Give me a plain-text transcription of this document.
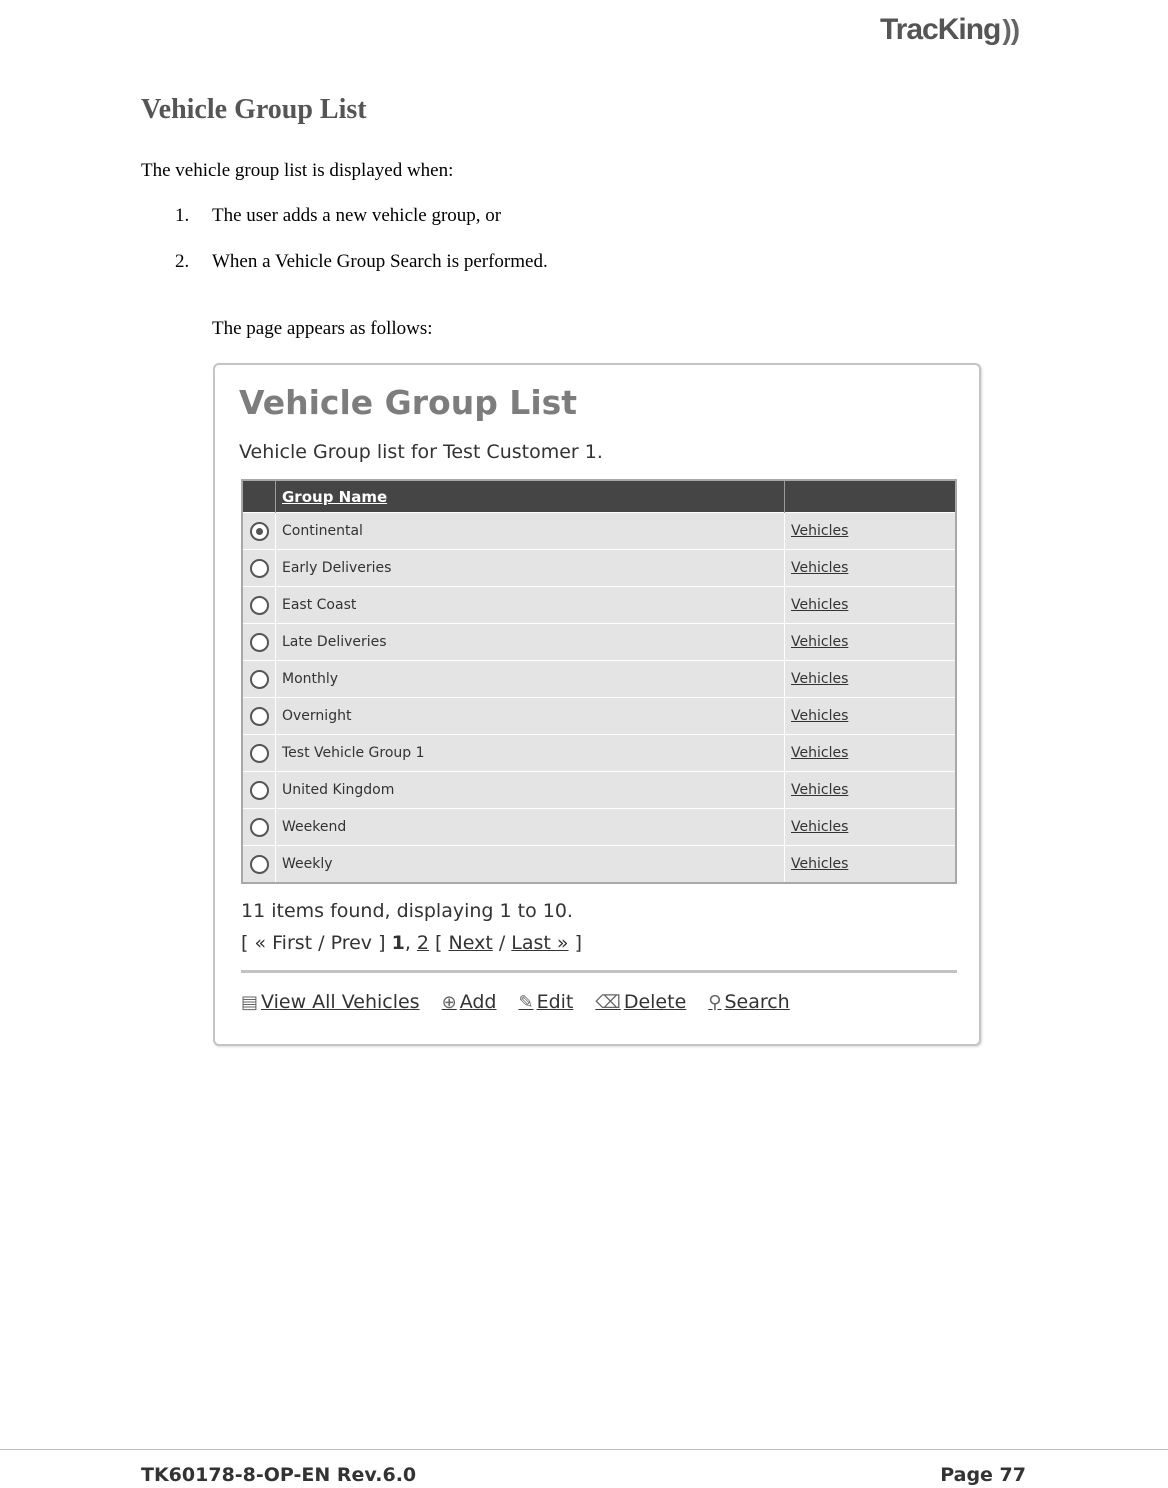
TracKing ))
Vehicle Group List
The vehicle group list is displayed when:
1.	The user adds a new vehicle group, or
2.	When a Vehicle Group Search is performed.
The page appears as follows:
Vehicle Group List
Vehicle Group list for Test Customer 1.
	Group Name	
	Continental	Vehicles
	Early Deliveries	Vehicles
	East Coast	Vehicles
	Late Deliveries	Vehicles
	Monthly	Vehicles
	Overnight	Vehicles
	Test Vehicle Group 1	Vehicles
	United Kingdom	Vehicles
	Weekend	Vehicles
	Weekly	Vehicles
11 items found, displaying 1 to 10.
[ « First / Prev ] 1, 2 [ Next / Last » ]
▤ View All Vehicles ⊕ Add ✎ Edit ⌫ Delete ⚲ Search
TK60178-8-OP-EN Rev.6.0	Page 77
